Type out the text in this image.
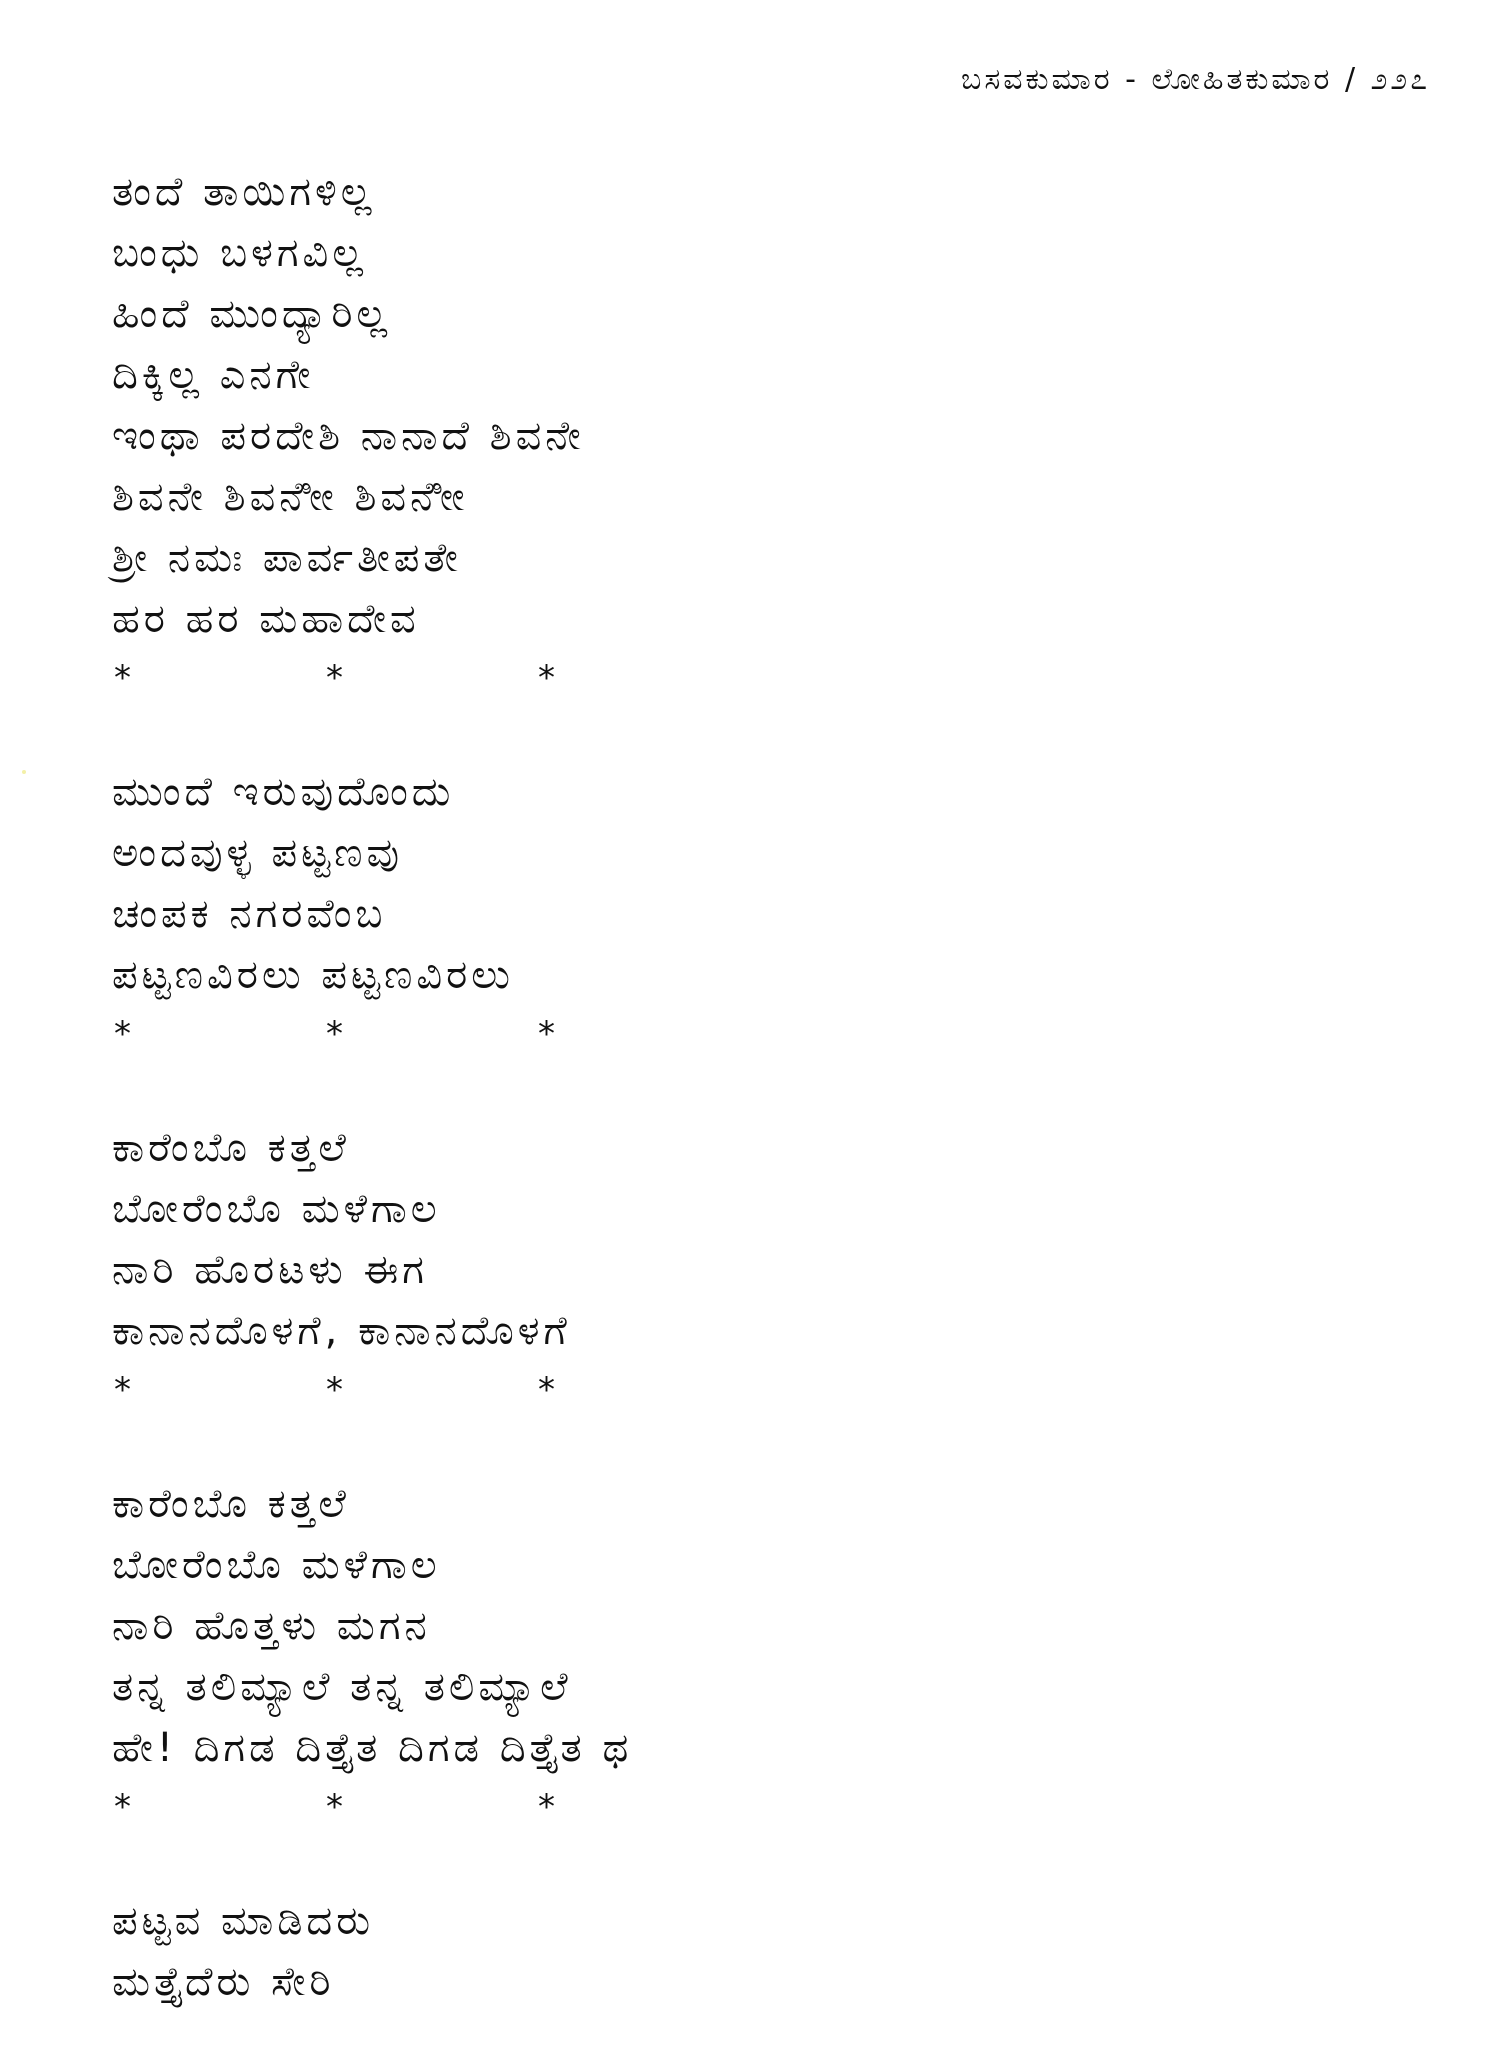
ಬಸವಕುಮಾರ - ಲೋಹಿತಕುಮಾರ / ೨೨೭
ತಂದೆ ತಾಯಿಗಳಿಲ್ಲ
ಬಂಧು ಬಳಗವಿಲ್ಲ
ಹಿಂದೆ ಮುಂದ್ಯಾರಿಲ್ಲ
ದಿಕ್ಕಿಲ್ಲ ಎನಗೇ
ಇಂಥಾ ಪರದೇಶಿ ನಾನಾದೆ ಶಿವನೇ
ಶಿವನೇ ಶಿವನೇೀ ಶಿವನೇೀ
ಶ್ರೀ ನಮಃ ಪಾರ್ವತೀಪತೇ
ಹರ ಹರ ಮಹಾದೇವ
*	*	*
ಮುಂದೆ ಇರುವುದೊಂದು
ಅಂದವುಳ್ಳ ಪಟ್ಟಣವು
ಚಂಪಕ ನಗರವೆಂಬ
ಪಟ್ಟಣವಿರಲು ಪಟ್ಟಣವಿರಲು
*	*	*
ಕಾರೆಂಬೊ ಕತ್ತಲೆ
ಬೋರೆಂಬೊ ಮಳೆಗಾಲ
ನಾರಿ ಹೊರಟಳು ಈಗ
ಕಾನಾನದೊಳಗೆ, ಕಾನಾನದೊಳಗೆ
*	*	*
ಕಾರೆಂಬೊ ಕತ್ತಲೆ
ಬೋರೆಂಬೊ ಮಳೆಗಾಲ
ನಾರಿ ಹೊತ್ತಳು ಮಗನ
ತನ್ನ ತಲಿಮ್ಯಾಲೆ ತನ್ನ ತಲಿಮ್ಯಾಲೆ
ಹೇ! ದಿಗಡ ದಿತ್ತೈತ ದಿಗಡ ದಿತ್ತೈತ ಥ
*	*	*
ಪಟ್ಟವ ಮಾಡಿದರು
ಮತ್ತೈದೆರು ಸೇರಿ
